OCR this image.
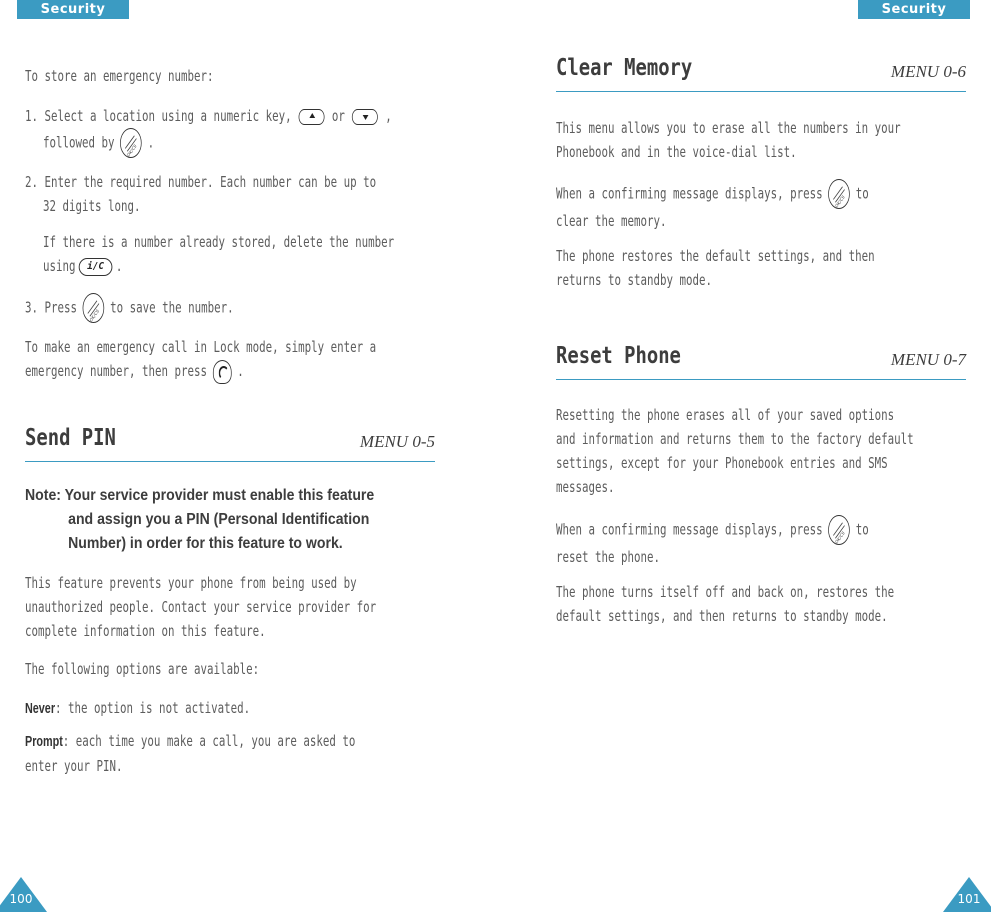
Security	Security
To store an emergency number:
1. Select a location using a numeric key,	or	,
followed by	OK/CS .
2. Enter the required number. Each number can be up to
32 digits long.
If there is a number already stored, delete the number
using i/C .
3. Press	OK/CS to save the number.
To make an emergency call in Lock mode, simply enter a
emergency number, then press .
Send PIN	MENU 0-5
Note: Your service provider must enable this feature
and assign you a PIN (Personal Identification
Number) in order for this feature to work.
This feature prevents your phone from being used by
unauthorized people. Contact your service provider for
complete information on this feature.
The following options are available:
Never: the option is not activated.
Prompt: each time you make a call, you are asked to
enter your PIN.
Clear Memory	MENU 0-6
This menu allows you to erase all the numbers in your
Phonebook and in the voice-dial list.
When a confirming message displays, press	OK/CS to
clear the memory.
The phone restores the default settings, and then
returns to standby mode.
Reset Phone	MENU 0-7
Resetting the phone erases all of your saved options
and information and returns them to the factory default
settings, except for your Phonebook entries and SMS
messages.
When a confirming message displays, press	OK/CS to
reset the phone.
The phone turns itself off and back on, restores the
default settings, and then returns to standby mode.
100	101
